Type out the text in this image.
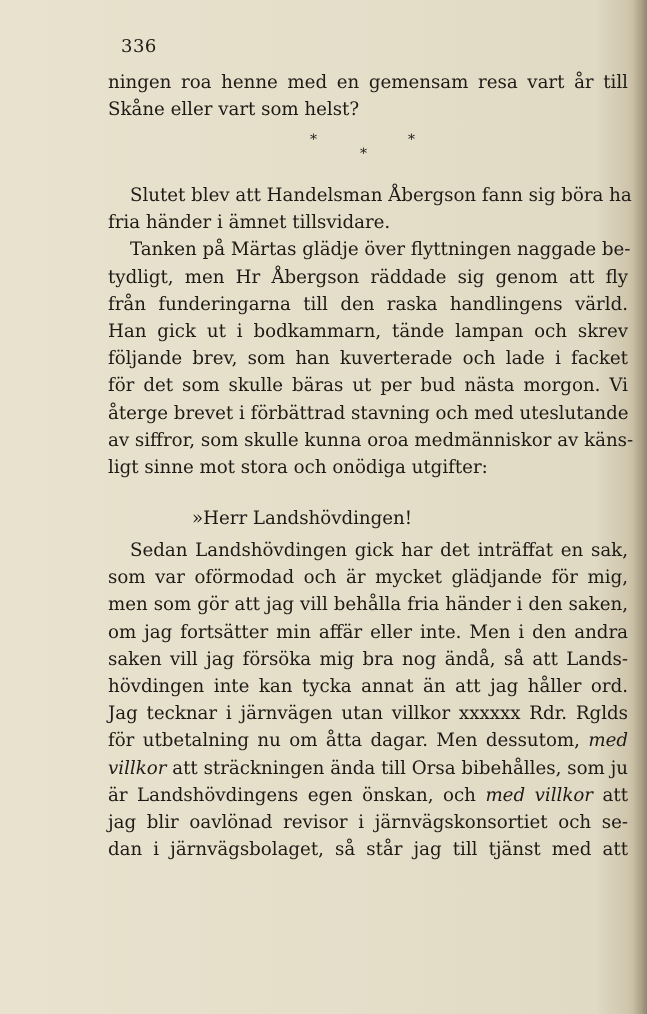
336
ningen roa henne med en gemensam resa vart år till
Skåne eller vart som helst?
*	*
*
Slutet blev att Handelsman Åbergson fann sig böra ha
fria händer i ämnet tillsvidare.
Tanken på Märtas glädje över flyttningen naggade be-
tydligt, men Hr Åbergson räddade sig genom att fly
från funderingarna till den raska handlingens värld.
Han gick ut i bodkammarn, tände lampan och skrev
följande brev, som han kuverterade och lade i facket
för det som skulle bäras ut per bud nästa morgon. Vi
återge brevet i förbättrad stavning och med uteslutande
av siffror, som skulle kunna oroa medmänniskor av käns-
ligt sinne mot stora och onödiga utgifter:
»Herr Landshövdingen!
Sedan Landshövdingen gick har det inträffat en sak,
som var oförmodad och är mycket glädjande för mig,
men som gör att jag vill behålla fria händer i den saken,
om jag fortsätter min affär eller inte. Men i den andra
saken vill jag försöka mig bra nog ändå, så att Lands-
hövdingen inte kan tycka annat än att jag håller ord.
Jag tecknar i järnvägen utan villkor xxxxxx Rdr. Rglds
för utbetalning nu om åtta dagar. Men dessutom, med
villkor att sträckningen ända till Orsa bibehålles, som ju
är Landshövdingens egen önskan, och med villkor att
jag blir oavlönad revisor i järnvägskonsortiet och se-
dan i järnvägsbolaget, så står jag till tjänst med att
